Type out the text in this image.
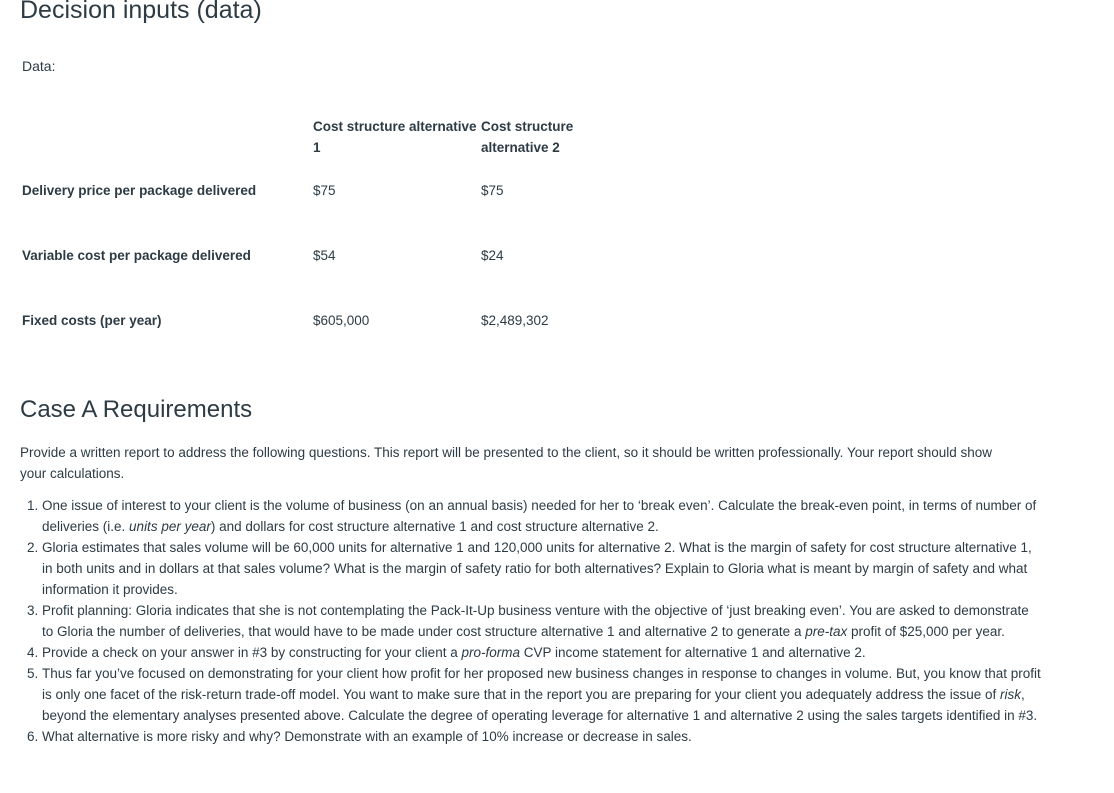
Decision inputs (data)
Data:
	Cost structure alternative 1	Cost structure alternative 2
Delivery price per package delivered	$75	$75
Variable cost per package delivered	$54	$24
Fixed costs (per year)	$605,000	$2,489,302
Case A Requirements

Provide a written report to address the following questions. This report will be presented to the client, so it should be written professionally. Your report should show your calculations.

1. One issue of interest to your client is the volume of business (on an annual basis) needed for her to ‘break even’. Calculate the break-even point, in terms of number of deliveries (i.e. units per year) and dollars for cost structure alternative 1 and cost structure alternative 2.
2. Gloria estimates that sales volume will be 60,000 units for alternative 1 and 120,000 units for alternative 2. What is the margin of safety for cost structure alternative 1, in both units and in dollars at that sales volume? What is the margin of safety ratio for both alternatives? Explain to Gloria what is meant by margin of safety and what information it provides.
3. Profit planning: Gloria indicates that she is not contemplating the Pack-It-Up business venture with the objective of ‘just breaking even’. You are asked to demonstrate to Gloria the number of deliveries, that would have to be made under cost structure alternative 1 and alternative 2 to generate a pre-tax profit of $25,000 per year.
4. Provide a check on your answer in #3 by constructing for your client a pro-forma CVP income statement for alternative 1 and alternative 2.
5. Thus far you’ve focused on demonstrating for your client how profit for her proposed new business changes in response to changes in volume. But, you know that profit is only one facet of the risk-return trade-off model. You want to make sure that in the report you are preparing for your client you adequately address the issue of risk, beyond the elementary analyses presented above. Calculate the degree of operating leverage for alternative 1 and alternative 2 using the sales targets identified in #3.
6. What alternative is more risky and why? Demonstrate with an example of 10% increase or decrease in sales.
